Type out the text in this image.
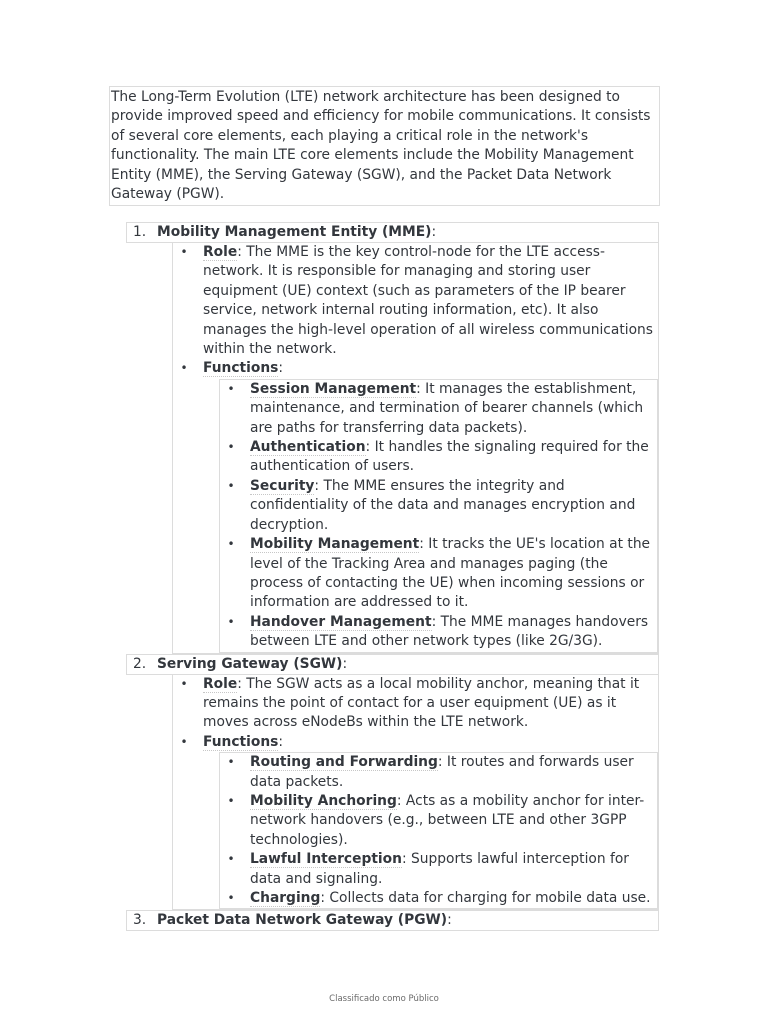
The Long-Term Evolution (LTE) network architecture has been designed to provide improved speed and efficiency for mobile communications. It consists of several core elements, each playing a critical role in the network's functionality. The main LTE core elements include the Mobility Management Entity (MME), the Serving Gateway (SGW), and the Packet Data Network Gateway (PGW).
1. Mobility Management Entity (MME):
• Role: The MME is the key control-node for the LTE access-network. It is responsible for managing and storing user equipment (UE) context (such as parameters of the IP bearer service, network internal routing information, etc). It also manages the high-level operation of all wireless communications within the network.
• Functions:
• Session Management: It manages the establishment, maintenance, and termination of bearer channels (which are paths for transferring data packets).
• Authentication: It handles the signaling required for the authentication of users.
• Security: The MME ensures the integrity and confidentiality of the data and manages encryption and decryption.
• Mobility Management: It tracks the UE's location at the level of the Tracking Area and manages paging (the process of contacting the UE) when incoming sessions or information are addressed to it.
• Handover Management: The MME manages handovers between LTE and other network types (like 2G/3G).
2. Serving Gateway (SGW):
• Role: The SGW acts as a local mobility anchor, meaning that it remains the point of contact for a user equipment (UE) as it moves across eNodeBs within the LTE network.
• Functions:
• Routing and Forwarding: It routes and forwards user data packets.
• Mobility Anchoring: Acts as a mobility anchor for inter-network handovers (e.g., between LTE and other 3GPP technologies).
• Lawful Interception: Supports lawful interception for data and signaling.
• Charging: Collects data for charging for mobile data use.
3. Packet Data Network Gateway (PGW):
Classificado como Público
